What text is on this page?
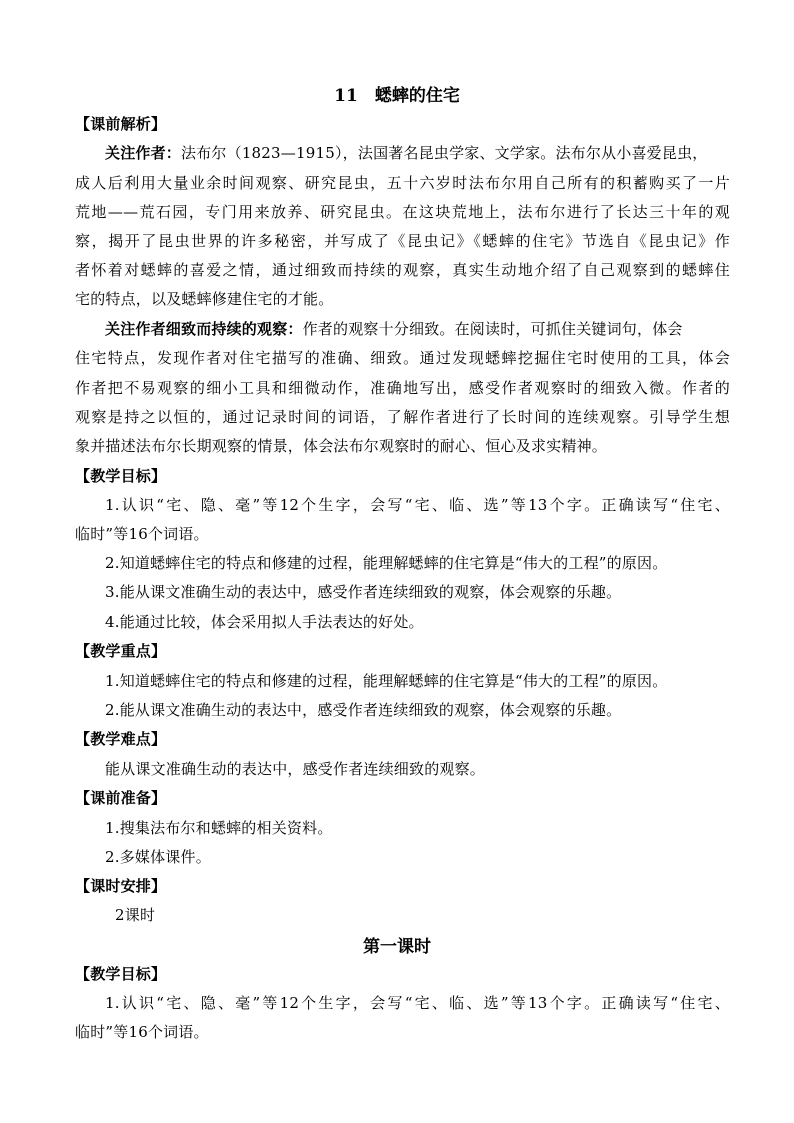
11　蟋蟀的住宅
【课前解析】
关注作者：法布尔（1823—1915），法国著名昆虫学家、文学家。法布尔从小喜爱昆虫，
成人后利用大量业余时间观察、研究昆虫，五十六岁时法布尔用自己所有的积蓄购买了一片
荒地——荒石园，专门用来放养、研究昆虫。在这块荒地上，法布尔进行了长达三十年的观
察，揭开了昆虫世界的许多秘密，并写成了《昆虫记》《蟋蟀的住宅》节选自《昆虫记》作
者怀着对蟋蟀的喜爱之情，通过细致而持续的观察，真实生动地介绍了自己观察到的蟋蟀住
宅的特点，以及蟋蟀修建住宅的才能。
关注作者细致而持续的观察：作者的观察十分细致。在阅读时，可抓住关键词句，体会
住宅特点，发现作者对住宅描写的准确、细致。通过发现蟋蟀挖掘住宅时使用的工具，体会
作者把不易观察的细小工具和细微动作，准确地写出，感受作者观察时的细致入微。作者的
观察是持之以恒的，通过记录时间的词语，了解作者进行了长时间的连续观察。引导学生想
象并描述法布尔长期观察的情景，体会法布尔观察时的耐心、恒心及求实精神。
【教学目标】
1.认识“宅、隐、毫”等12个生字，会写“宅、临、选”等13个字。正确读写“住宅、
临时”等16个词语。
2.知道蟋蟀住宅的特点和修建的过程，能理解蟋蟀的住宅算是“伟大的工程”的原因。
3.能从课文准确生动的表达中，感受作者连续细致的观察，体会观察的乐趣。
4.能通过比较，体会采用拟人手法表达的好处。
【教学重点】
1.知道蟋蟀住宅的特点和修建的过程，能理解蟋蟀的住宅算是“伟大的工程”的原因。
2.能从课文准确生动的表达中，感受作者连续细致的观察，体会观察的乐趣。
【教学难点】
能从课文准确生动的表达中，感受作者连续细致的观察。
【课前准备】
1.搜集法布尔和蟋蟀的相关资料。
2.多媒体课件。
【课时安排】
2课时
第一课时
【教学目标】
1.认识“宅、隐、毫”等12个生字，会写“宅、临、选”等13个字。正确读写“住宅、
临时”等16个词语。
